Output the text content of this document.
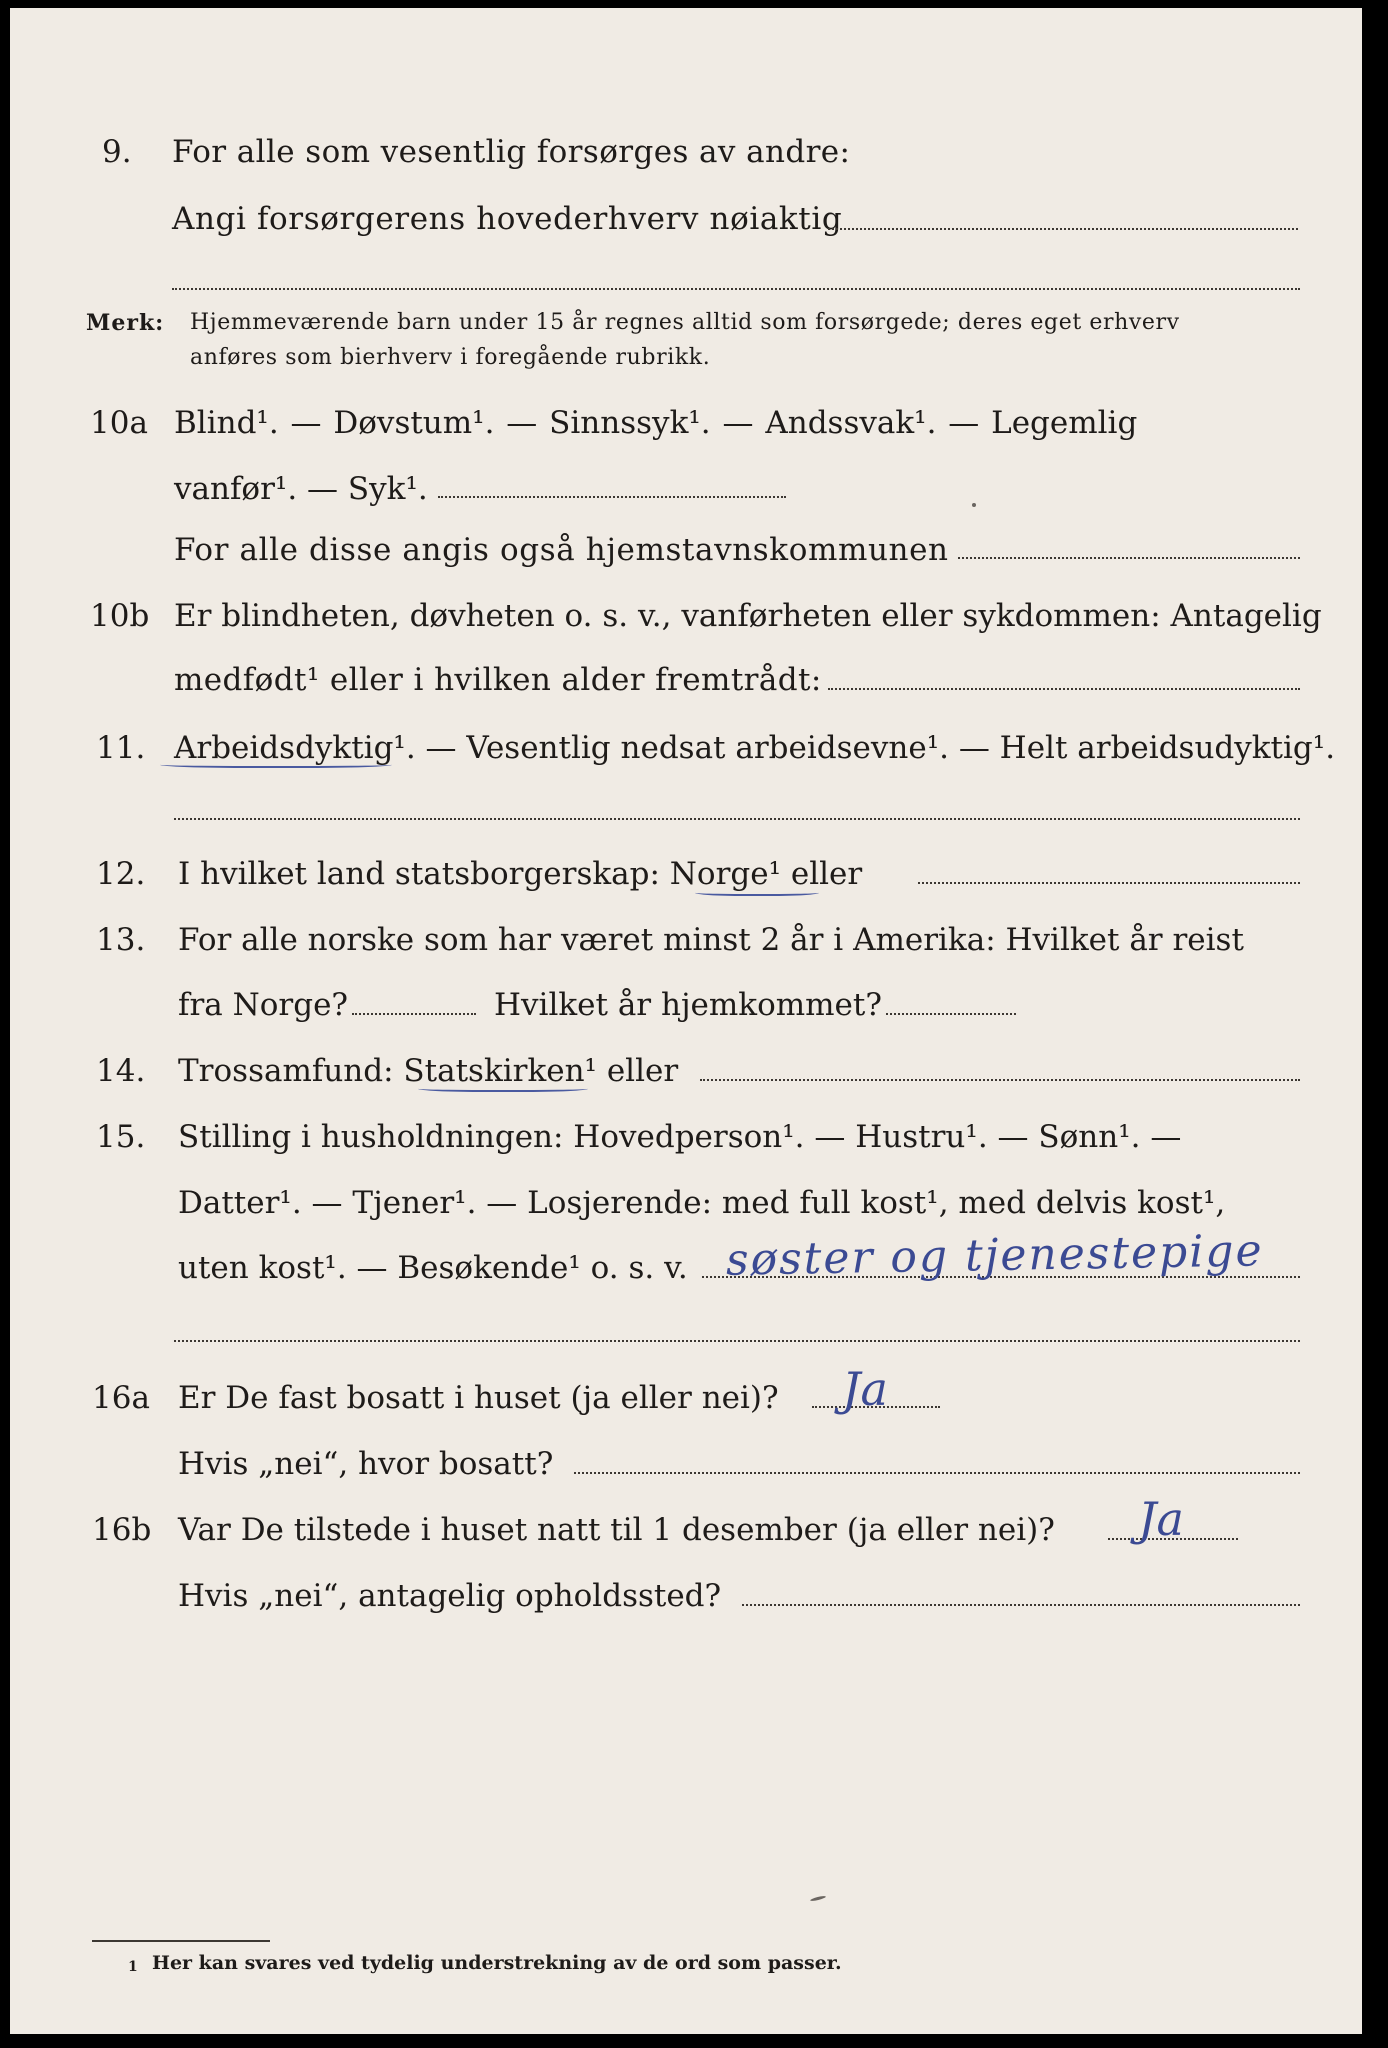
9. For alle som vesentlig forsørges av andre:
Angi forsørgerens hovederhverv nøiaktig
Merk: Hjemmeværende barn under 15 år regnes alltid som forsørgede; deres eget erhverv
anføres som bierhverv i foregående rubrikk.
10a Blind¹. — Døvstum¹. — Sinnssyk¹. — Andssvak¹. — Legemlig
vanfør¹. — Syk¹.
For alle disse angis også hjemstavnskommunen
10b Er blindheten, døvheten o. s. v., vanførheten eller sykdommen: Antagelig
medfødt¹ eller i hvilken alder fremtrådt:
11. Arbeidsdyktig¹. — Vesentlig nedsat arbeidsevne¹. — Helt arbeidsudyktig¹.
12. I hvilket land statsborgerskap: Norge¹ eller
13. For alle norske som har været minst 2 år i Amerika: Hvilket år reist
fra Norge?	Hvilket år hjemkommet?
14. Trossamfund: Statskirken¹ eller
15. Stilling i husholdningen: Hovedperson¹. — Hustru¹. — Sønn¹. —
Datter¹. — Tjener¹. — Losjerende: med full kost¹, med delvis kost¹,
uten kost¹. — Besøkende¹ o. s. v. søster og tjenestepige
16a Er De fast bosatt i huset (ja eller nei)? Ja
Hvis „nei“, hvor bosatt?
16b Var De tilstede i huset natt til 1 desember (ja eller nei)? Ja
Hvis „nei“, antagelig opholdssted?
1 Her kan svares ved tydelig understrekning av de ord som passer.
